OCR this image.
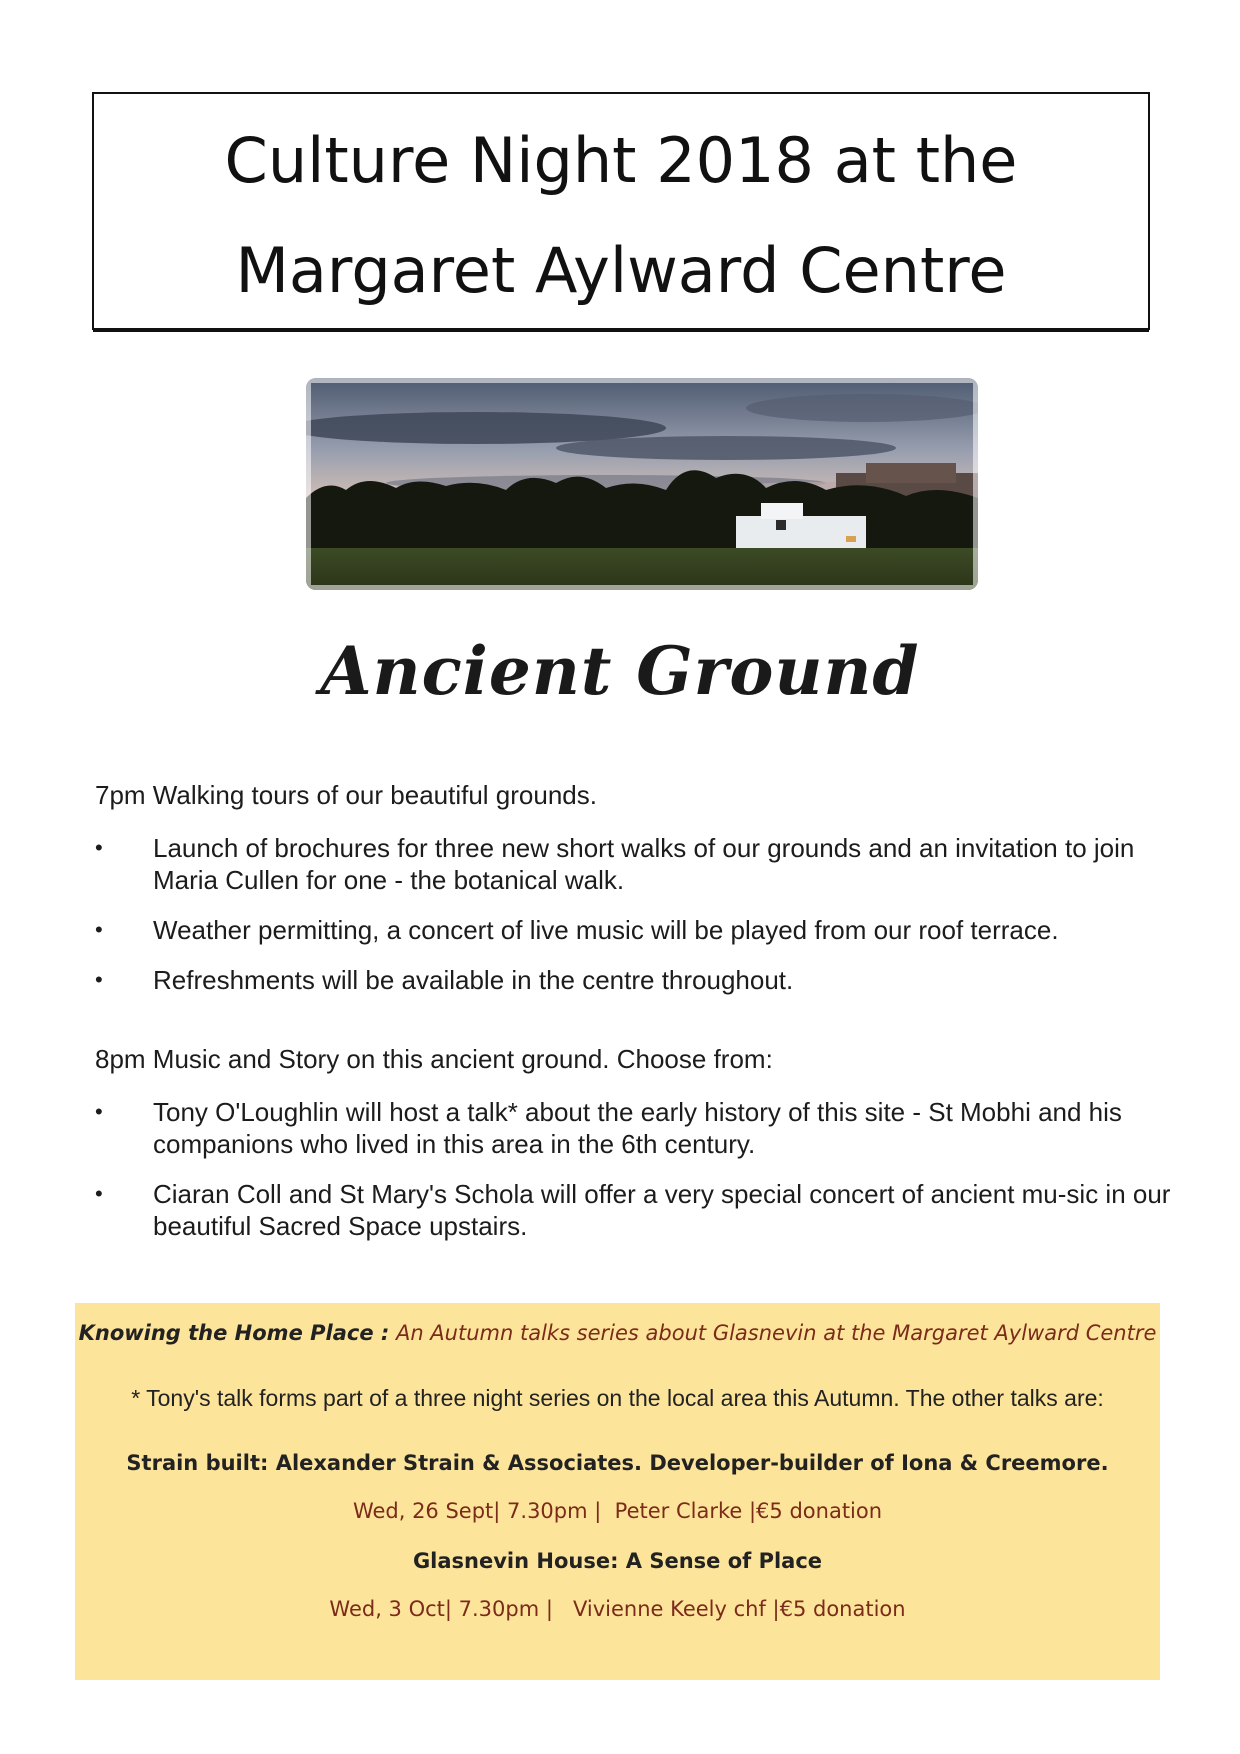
Culture Night 2018 at the
Margaret Aylward Centre
Ancient Ground
7pm Walking tours of our beautiful grounds.
• Launch of brochures for three new short walks of our grounds and an invitation to join Maria Cullen for one - the botanical walk.
• Weather permitting, a concert of live music will be played from our roof terrace.
• Refreshments will be available in the centre throughout.
8pm Music and Story on this ancient ground. Choose from:
• Tony O'Loughlin will host a talk* about the early history of this site - St Mobhi and his companions who lived in this area in the 6th century.
• Ciaran Coll and St Mary's Schola will offer a very special concert of ancient mu-sic in our beautiful Sacred Space upstairs.
Knowing the Home Place : An Autumn talks series about Glasnevin at the Margaret Aylward Centre
* Tony's talk forms part of a three night series on the local area this Autumn. The other talks are:
Strain built: Alexander Strain & Associates. Developer-builder of Iona & Creemore.
Wed, 26 Sept| 7.30pm |  Peter Clarke |€5 donation
Glasnevin House: A Sense of Place
Wed, 3 Oct| 7.30pm |   Vivienne Keely chf |€5 donation
